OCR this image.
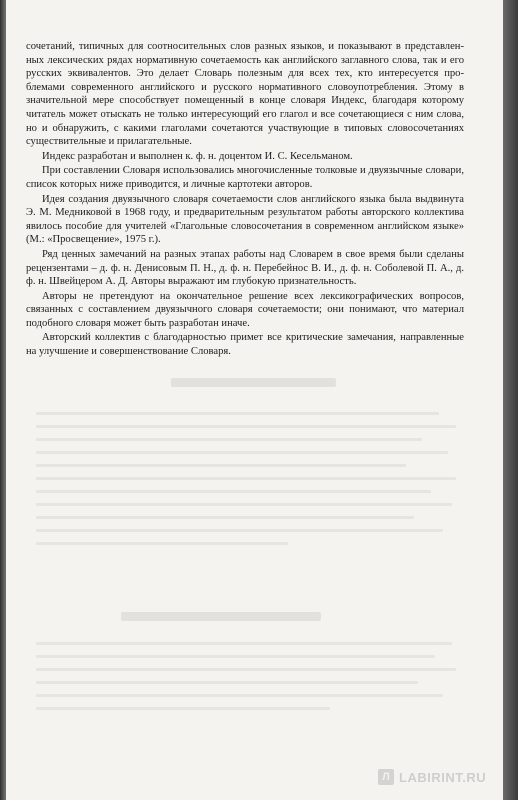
сочетаний, типичных для соотносительных слов разных языков, и показывают в представлен- ных лексических рядах нормативную сочетаемость как английского заглавного слова, так и его русских эквивалентов. Это делает Словарь полезным для всех тех, кто интересуется про- блемами современного английского и русского нормативного словоупотребления. Этому в значительной мере способствует помещенный в конце словаря Индекс, благодаря которому читатель может отыскать не только интересующий его глагол и все сочетающиеся с ним слова, но и обнаружить, с какими глаголами сочетаются участвующие в типовых словосочетаниях существительные и прилагательные.

Индекс разработан и выполнен к. ф. н. доцентом И. С. Кесельманом.

При составлении Словаря использовались многочисленные толковые и двуязычные словари, список которых ниже приводится, и личные картотеки авторов.

Идея создания двуязычного словаря сочетаемости слов английского языка была выдвинута Э. М. Медниковой в 1968 году, и предварительным результатом работы авторского коллектива явилось пособие для учителей «Глагольные словосочетания в современном английском языке» (М.: «Просвещение», 1975 г.).

Ряд ценных замечаний на разных этапах работы над Словарем в свое время были сделаны рецензентами – д. ф. н. Денисовым П. Н., д. ф. н. Перебейнос В. И., д. ф. н. Соболевой П. А., д. ф. н. Швейцером А. Д. Авторы выражают им глубокую признательность.

Авторы не претендуют на окончательное решение всех лексикографических вопросов, связанных с составлением двуязычного словаря сочетаемости; они понимают, что материал подобного словаря может быть разработан иначе.

Авторский коллектив с благодарностью примет все критические замечания, направленные на улучшение и совершенствование Словаря.

Л LABIRINT.RU
